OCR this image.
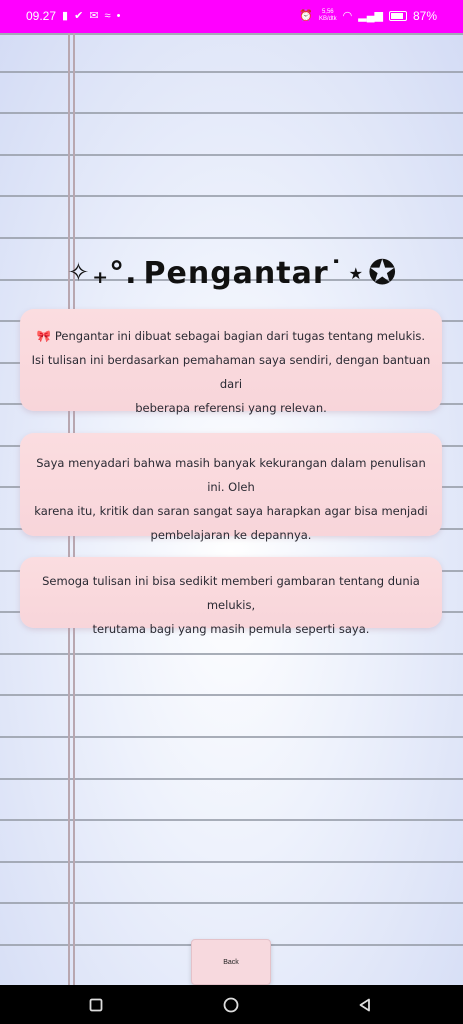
09.27 ▮ ✔ ✉ ≈ •	⏰	5,56
KB/dtk ◠ ▂▄▆	87%
✧ ₊°. Pengantar ˙ ★ ✪

🎀 Pengantar ini dibuat sebagai bagian dari tugas tentang melukis.

Isi tulisan ini berdasarkan pemahaman saya sendiri, dengan bantuan dari

beberapa referensi yang relevan.

Saya menyadari bahwa masih banyak kekurangan dalam penulisan ini. Oleh

karena itu, kritik dan saran sangat saya harapkan agar bisa menjadi

pembelajaran ke depannya.

Semoga tulisan ini bisa sedikit memberi gambaran tentang dunia melukis,

terutama bagi yang masih pemula seperti saya.

Back
